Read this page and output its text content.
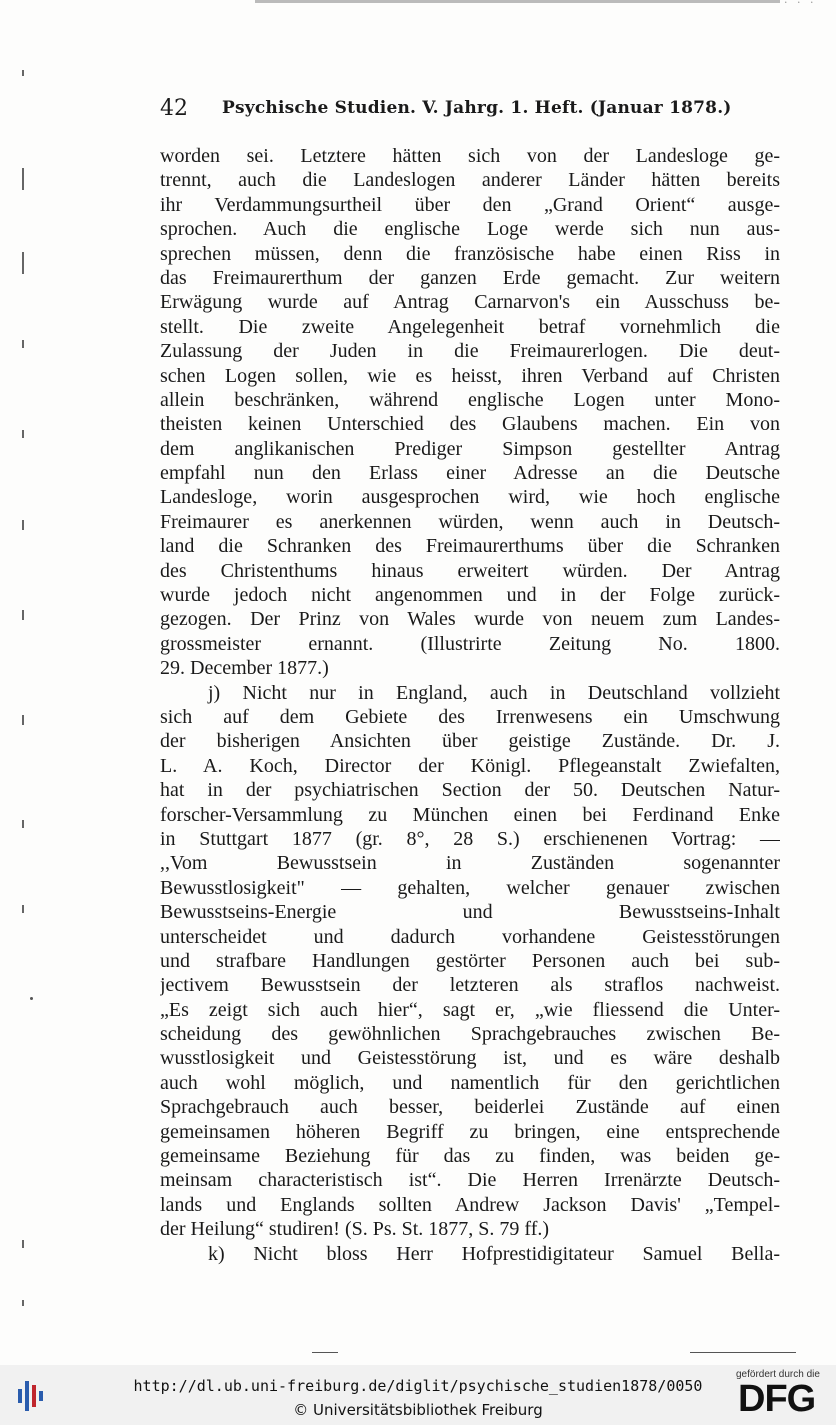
· · ·
42 Psychische Studien. V. Jahrg. 1. Heft. (Januar 1878.)
worden sei. Letztere hätten sich von der Landesloge ge-
trennt, auch die Landeslogen anderer Länder hätten bereits
ihr Verdammungsurtheil über den „Grand Orient“ ausge-
sprochen. Auch die englische Loge werde sich nun aus-
sprechen müssen, denn die französische habe einen Riss in
das Freimaurerthum der ganzen Erde gemacht. Zur weitern
Erwägung wurde auf Antrag Carnarvon's ein Ausschuss be-
stellt. Die zweite Angelegenheit betraf vornehmlich die
Zulassung der Juden in die Freimaurerlogen. Die deut-
schen Logen sollen, wie es heisst, ihren Verband auf Christen
allein beschränken, während englische Logen unter Mono-
theisten keinen Unterschied des Glaubens machen. Ein von
dem anglikanischen Prediger Simpson gestellter Antrag
empfahl nun den Erlass einer Adresse an die Deutsche
Landesloge, worin ausgesprochen wird, wie hoch englische
Freimaurer es anerkennen würden, wenn auch in Deutsch-
land die Schranken des Freimaurerthums über die Schranken
des Christenthums hinaus erweitert würden. Der Antrag
wurde jedoch nicht angenommen und in der Folge zurück-
gezogen. Der Prinz von Wales wurde von neuem zum Landes-
grossmeister ernannt. (Illustrirte Zeitung No. 1800.
29. December 1877.)
j) Nicht nur in England, auch in Deutschland vollzieht
sich auf dem Gebiete des Irrenwesens ein Umschwung
der bisherigen Ansichten über geistige Zustände. Dr. J.
L. A. Koch, Director der Königl. Pflegeanstalt Zwiefalten,
hat in der psychiatrischen Section der 50. Deutschen Natur-
forscher-Versammlung zu München einen bei Ferdinand Enke
in Stuttgart 1877 (gr. 8°, 28 S.) erschienenen Vortrag: —
,,Vom Bewusstsein in Zuständen sogenannter
Bewusstlosigkeit" — gehalten, welcher genauer zwischen
Bewusstseins-Energie und Bewusstseins-Inhalt
unterscheidet und dadurch vorhandene Geistesstörungen
und strafbare Handlungen gestörter Personen auch bei sub-
jectivem Bewusstsein der letzteren als straflos nachweist.
„Es zeigt sich auch hier“, sagt er, „wie fliessend die Unter-
scheidung des gewöhnlichen Sprachgebrauches zwischen Be-
wusstlosigkeit und Geistesstörung ist, und es wäre deshalb
auch wohl möglich, und namentlich für den gerichtlichen
Sprachgebrauch auch besser, beiderlei Zustände auf einen
gemeinsamen höheren Begriff zu bringen, eine entsprechende
gemeinsame Beziehung für das zu finden, was beiden ge-
meinsam characteristisch ist“. Die Herren Irrenärzte Deutsch-
lands und Englands sollten Andrew Jackson Davis' „Tempel-
der Heilung“ studiren! (S. Ps. St. 1877, S. 79 ff.)
k) Nicht bloss Herr Hofprestidigitateur Samuel Bella-
http://dl.ub.uni-freiburg.de/diglit/psychische_studien1878/0050
© Universitätsbibliothek Freiburg
gefördert durch die
DFG
